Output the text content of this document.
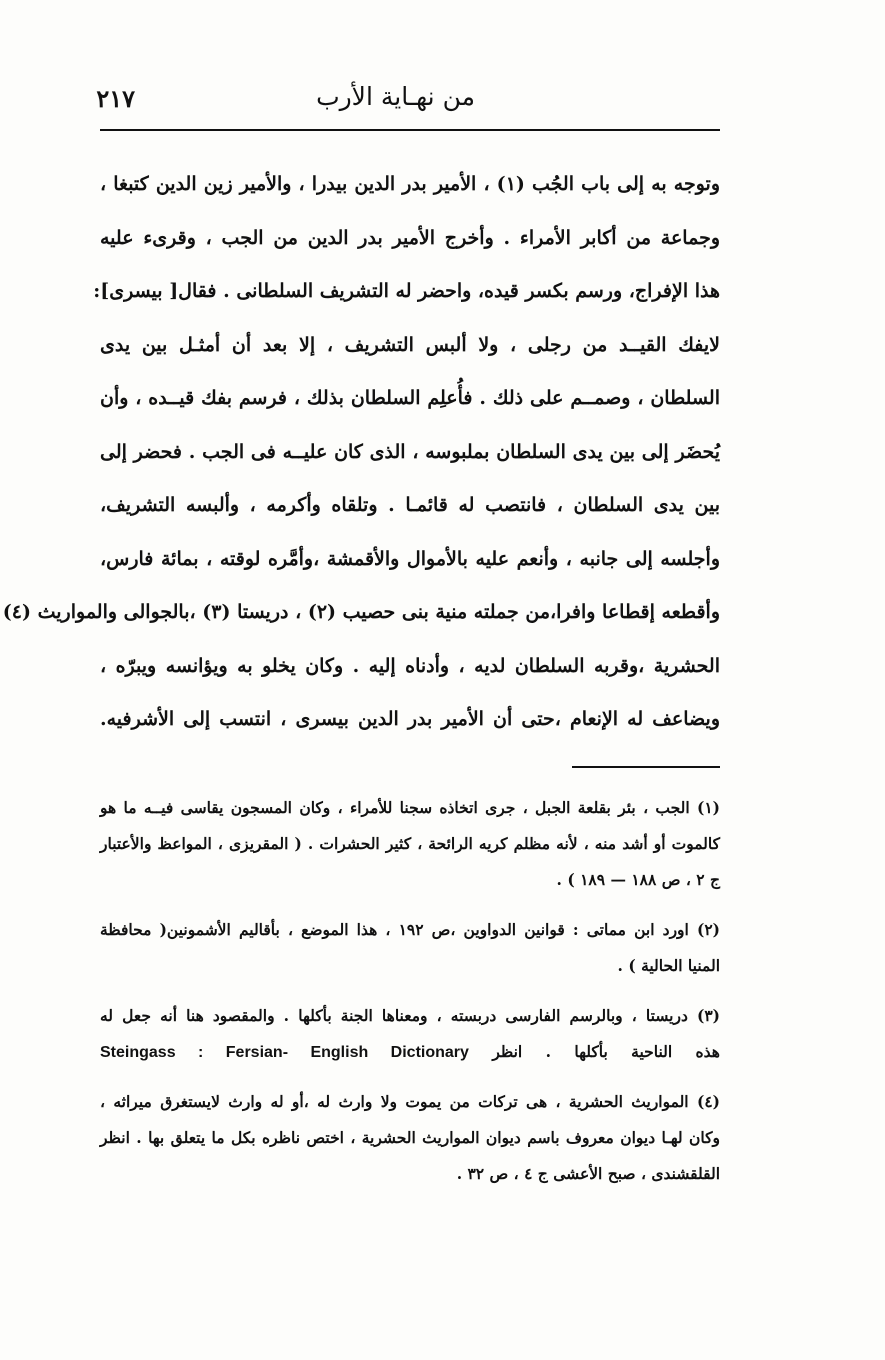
٢١٧	من نهـاية الأرب
وتوجه به إلى باب الجُب (١) ، الأمير بدر الدين بيدرا ، والأمير زين الدين كتبغا ،
وجماعة من أكابر الأمراء . وأخرج الأمير بدر الدين من الجب ، وقرىء عليه
هذا الإفراج، ورسم بكسر قيده، واحضر له التشريف السلطانى . فقال[ بيسرى]:
لايفك القيــد من رجلى ، ولا ألبس التشريف ، إلا بعد أن أمثـل بين يدى
السلطان ، وصمــم على ذلك . فأُعلِم السلطان بذلك ، فرسم بفك قيــده ، وأن
يُحضَر إلى بين يدى السلطان بملبوسه ، الذى كان عليــه فى الجب . فحضر إلى
بين يدى السلطان ، فانتصب له قائمـا . وتلقاه وأكرمه ، وألبسه التشريف،
وأجلسه إلى جانبه ، وأنعم عليه بالأموال والأقمشة ،وأمَّره لوقته ، بمائة فارس،
وأقطعه إقطاعا وافرا،من جملته منية بنى حصيب (٢) ، دريستا (٣) ،بالجوالى والمواريث (٤)
الحشرية ،وقربه السلطان لديه ، وأدناه إليه . وكان يخلو به ويؤانسه ويبرّه ،
ويضاعف له الإنعام ،حتى أن الأمير بدر الدين بيسرى ، انتسب إلى الأشرفيه.
(١) الجب ، بئر بقلعة الجبل ، جرى اتخاذه سجنا للأمراء ، وكان المسجون يقاسى فيــه ما هو
كالموت أو أشد منه ، لأنه مظلم كريه الرائحة ، كثير الحشرات . ( المقريزى ، المواعظ والأعتبار
ج ٢ ، ص ١٨٨ — ١٨٩ ) .
(٢) اورد ابن مماتى : قوانين الدواوين ،ص ١٩٢ ، هذا الموضع ، بأقاليم الأشمونين( محافظة
المنيا الحالية ) .
(٣) دريستا ، وبالرسم الفارسى دربسته ، ومعناها الجنة بأكلها . والمقصود هنا أنه جعل له
هذه الناحية بأكلها . انظر Steingass : Fersian- English Dictionary
(٤) المواريث الحشرية ، هى تركات من يموت ولا وارث له ،أو له وارث لايستغرق ميراثه ،
وكان لهـا ديوان معروف باسم ديوان المواريث الحشرية ، اختص ناظره بكل ما يتعلق بها . انظر
القلقشندى ، صبح الأعشى ج ٤ ، ص ٣٢ .
